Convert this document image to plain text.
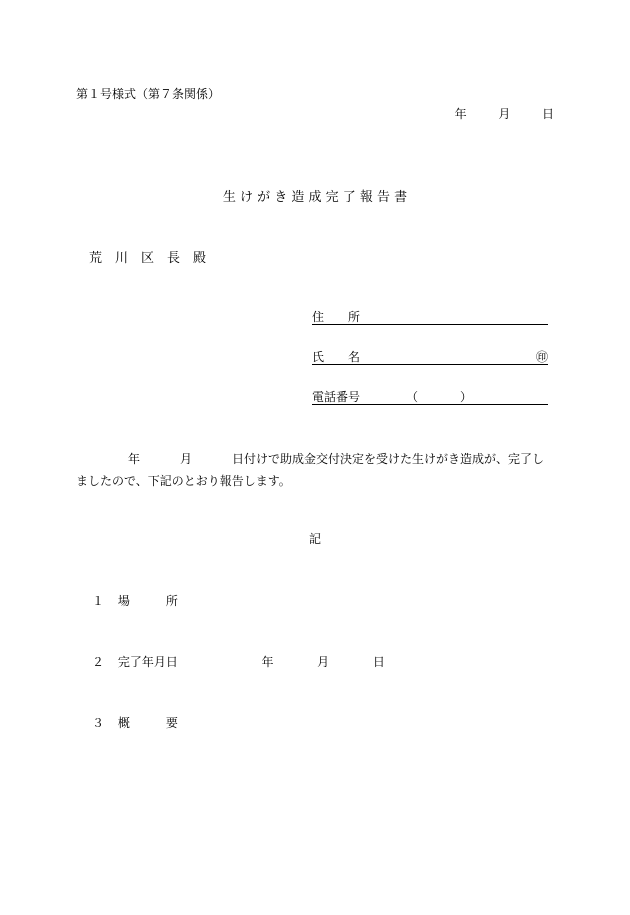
第１号様式（第７条関係）
年	月	日
生 け が き 造 成 完 了 報 告 書
荒　川　区　長　殿
住　　所
氏　　名	㊞
電話番号	（	）
年	月	日付けで助成金交付決定を受けた生けがき造成が、完了し
ましたので、下記のとおり報告します。
記
１ 場　　　所
２ 完了年月日	年	月	日
３ 概　　　要
